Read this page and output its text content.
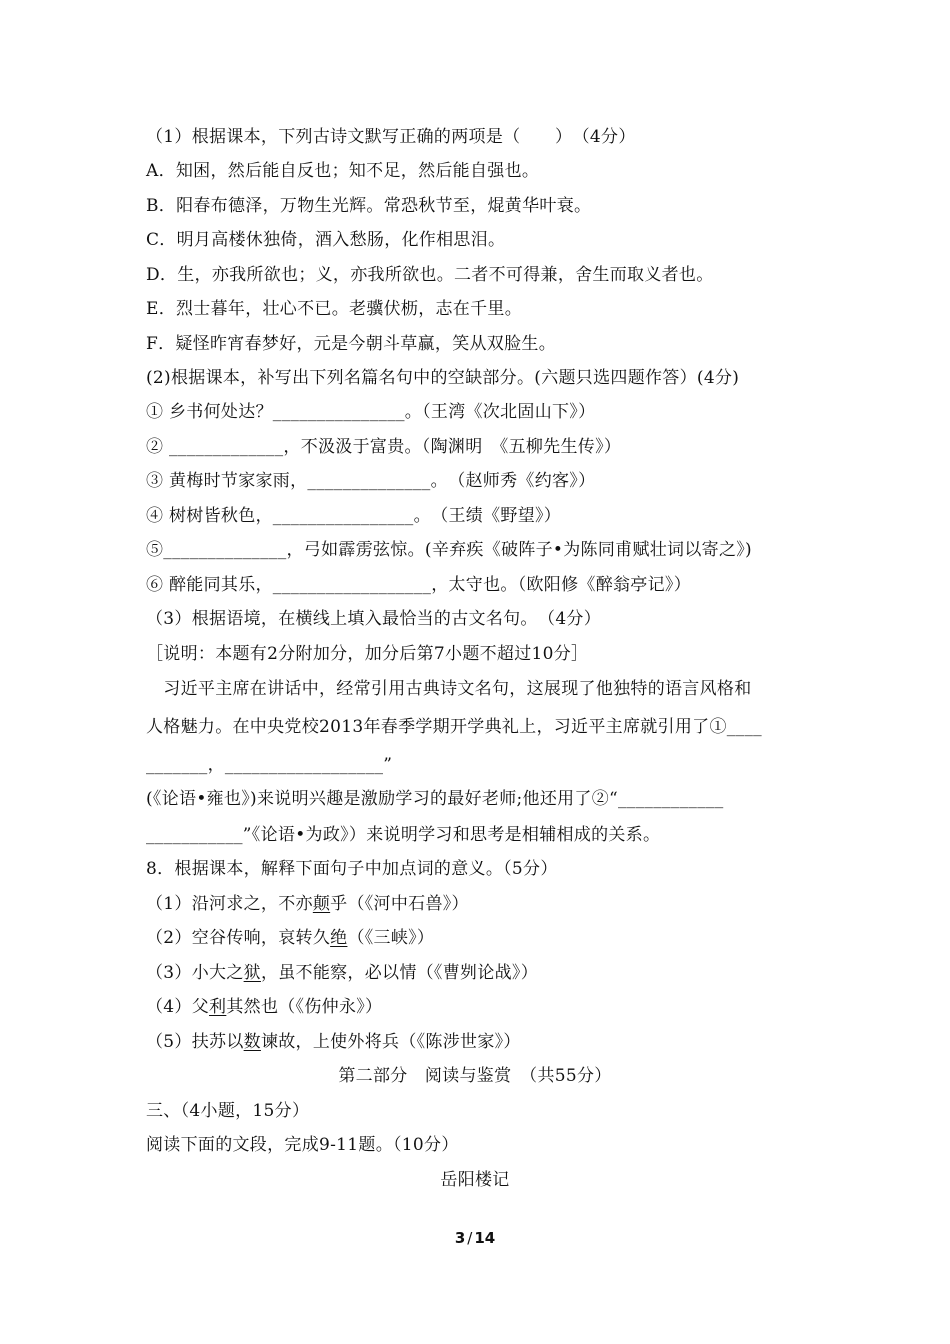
（1）根据课本，下列古诗文默写正确的两项是（　　）　（4分）
A．知困，然后能自反也；知不足，然后能自强也。
B．阳春布德泽，万物生光辉。常恐秋节至，焜黄华叶衰。
C．明月高楼休独倚，酒入愁肠，化作相思泪。
D．生，亦我所欲也；义，亦我所欲也。二者不可得兼，舍生而取义者也。
E．烈士暮年，壮心不已。老骥伏枥，志在千里。
F．疑怪昨宵春梦好，元是今朝斗草赢，笑从双脸生。
(2)根据课本，补写出下列名篇名句中的空缺部分。(六题只选四题作答）(4分)
① 乡书何处达？_______________。（王湾《次北固山下》）
② _____________，不汲汲于富贵。（陶渊明　《五柳先生传》）
③ 黄梅时节家家雨，______________。　（赵师秀《约客》）
④ 树树皆秋色，________________。　（王绩《野望》）
⑤______________，弓如霹雳弦惊。(辛弃疾《破阵子•为陈同甫赋壮词以寄之》)
⑥ 醉能同其乐，__________________，太守也。（欧阳修《醉翁亭记》）
（3）根据语境，在横线上填入最恰当的古文名句。　（4分）
［说明：本题有2分附加分，加分后第7小题不超过10分］
　习近平主席在讲话中，经常引用古典诗文名句，这展现了他独特的语言风格和
人格魅力。在中央党校2013年春季学期开学典礼上，习近平主席就引用了①____
_______，__________________”
(《论语•雍也》)来说明兴趣是激励学习的最好老师;他还用了②“____________
___________”《论语•为政》）来说明学习和思考是相辅相成的关系。
8．根据课本，解释下面句子中加点词的意义。（5分）
（1）沿河求之，不亦颠乎（《河中石兽》）
（2）空谷传响，哀转久绝（《三峡》）
（3）小大之狱，虽不能察，必以情（《曹刿论战》）
（4）父利其然也（《伤仲永》）
（5）扶苏以数谏故，上使外将兵（《陈涉世家》）
第二部分　阅读与鉴赏　（共55分）
三、（4小题，15分）
阅读下面的文段，完成9-11题。（10分）
岳阳楼记
3 / 14
